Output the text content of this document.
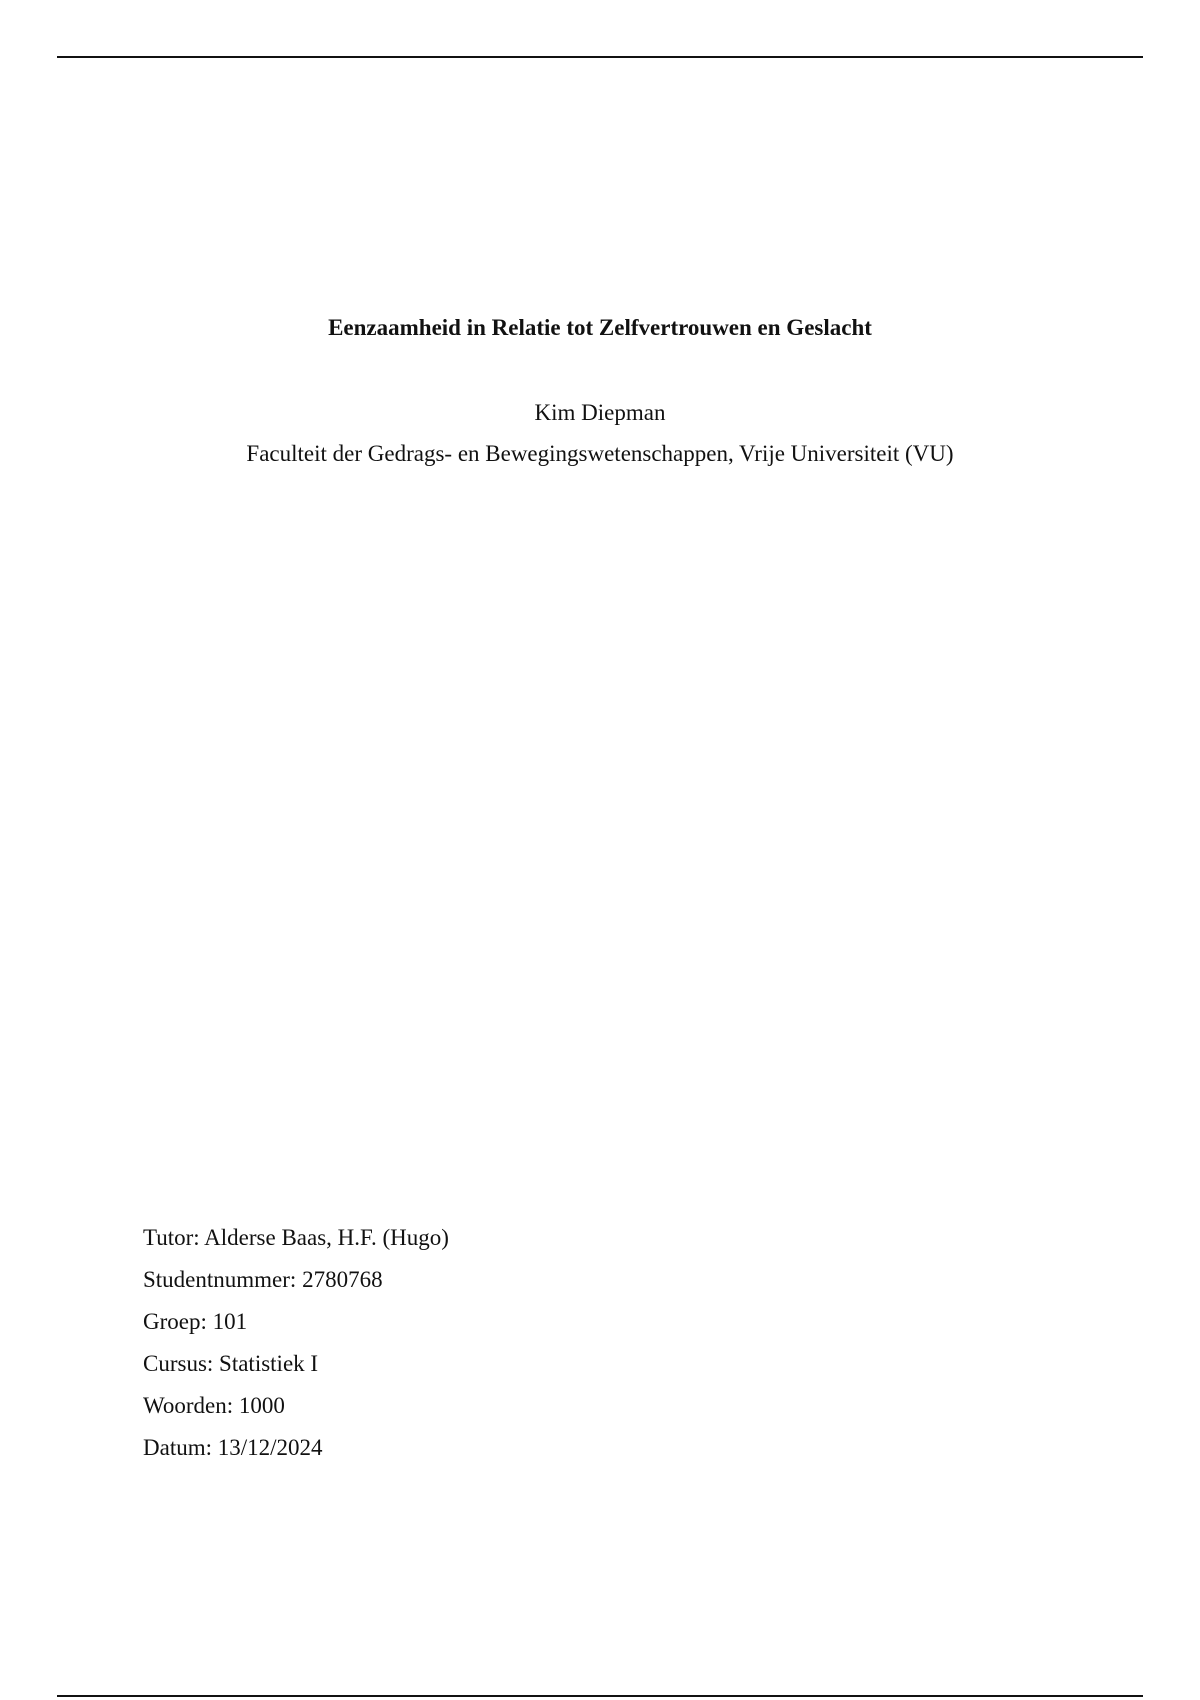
Eenzaamheid in Relatie tot Zelfvertrouwen en Geslacht
Kim Diepman
Faculteit der Gedrags- en Bewegingswetenschappen, Vrije Universiteit (VU)
Tutor: Alderse Baas, H.F. (Hugo)
Studentnummer: 2780768
Groep: 101
Cursus: Statistiek I
Woorden: 1000
Datum: 13/12/2024
